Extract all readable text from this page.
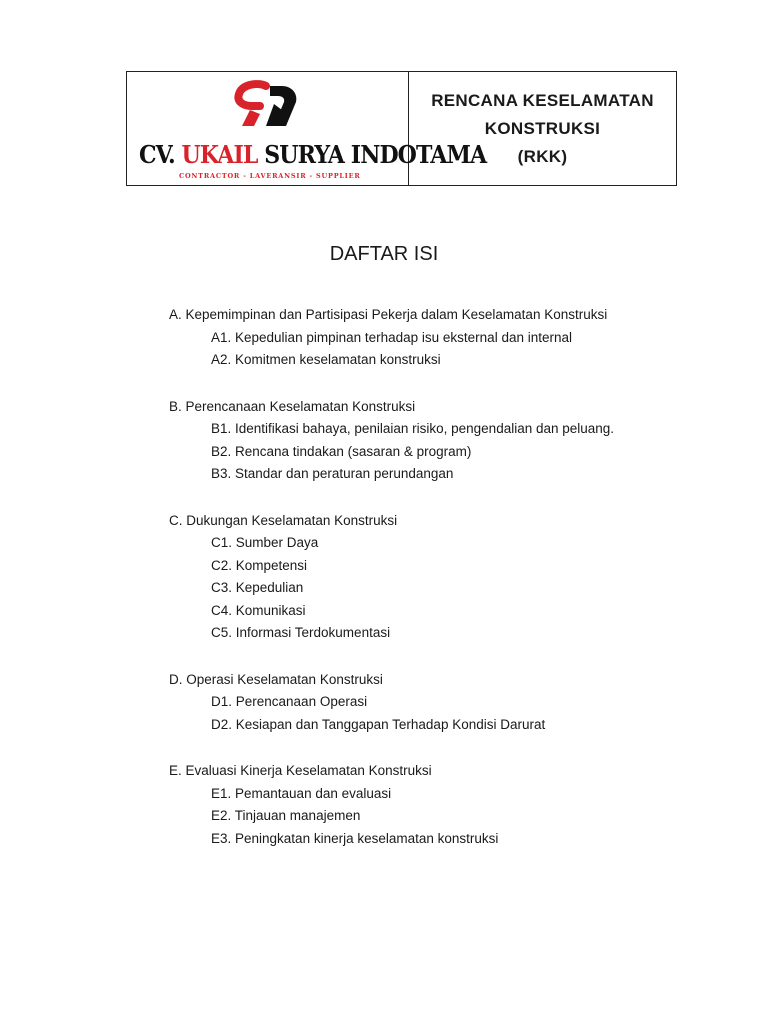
CV. UKAIL SURYA INDOTAMA
CONTRACTOR - LAVERANSIR - SUPPLIER
RENCANA KESELAMATAN
KONSTRUKSI
(RKK)
DAFTAR ISI
A. Kepemimpinan dan Partisipasi Pekerja dalam Keselamatan Konstruksi
A1. Kepedulian pimpinan terhadap isu eksternal dan internal
A2. Komitmen keselamatan konstruksi
B. Perencanaan Keselamatan Konstruksi
B1. Identifikasi bahaya, penilaian risiko, pengendalian dan peluang.
B2. Rencana tindakan (sasaran & program)
B3. Standar dan peraturan perundangan
C. Dukungan Keselamatan Konstruksi
C1. Sumber Daya
C2. Kompetensi
C3. Kepedulian
C4. Komunikasi
C5. Informasi Terdokumentasi
D. Operasi Keselamatan Konstruksi
D1. Perencanaan Operasi
D2. Kesiapan dan Tanggapan Terhadap Kondisi Darurat
E. Evaluasi Kinerja Keselamatan Konstruksi
E1. Pemantauan dan evaluasi
E2. Tinjauan manajemen
E3. Peningkatan kinerja keselamatan konstruksi
